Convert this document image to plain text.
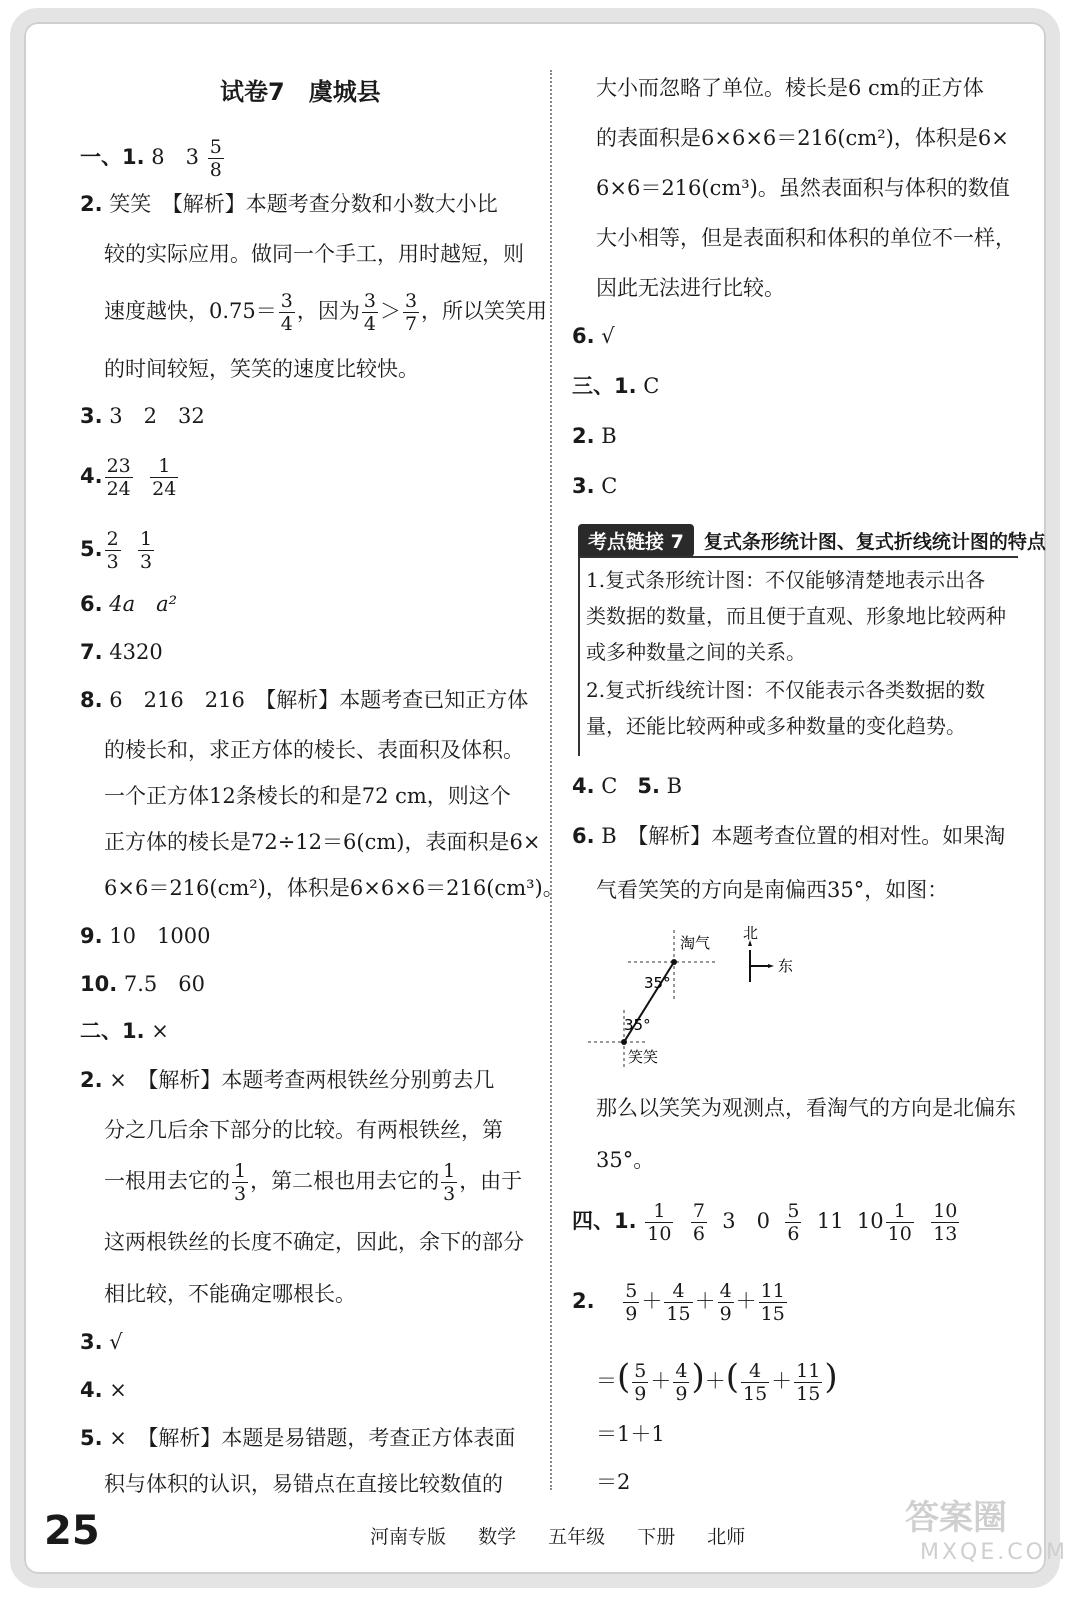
试卷7　虞城县
一、1. 8　$3 \frac{5}{8}$
2. 笑笑　【解析】本题考查分数和小数大小比
较的实际应用。做同一个手工，用时越短，则
速度越快，$0.75= \frac{3}{4}$ ，因为 $\frac{3}{4} > \frac{3}{7}$ ，所以笑笑用
的时间较短，笑笑的速度比较快。
3. 3　2　32
4. $\frac{23}{24}$
$\frac{1}{24}$
5. $\frac{2}{3}$
$\frac{1}{3}$
6. 4a　a²
7. 4320
8. 6　216　216　【解析】本题考查已知正方体
的棱长和，求正方体的棱长、表面积及体积。
一个正方体12条棱长的和是72 cm，则这个
正方体的棱长是72÷12＝6(cm)，表面积是6×
6×6＝216(cm²)，体积是6×6×6＝216(cm³)。
9. 10　1000
10. 7.5　60
二、1. ×
2. ×　【解析】本题考查两根铁丝分别剪去几
分之几后余下部分的比较。有两根铁丝，第
一根用去它的 $\frac{1}{3}$ ，第二根也用去它的 $\frac{1}{3}$ ，由于
这两根铁丝的长度不确定，因此，余下的部分
相比较，不能确定哪根长。
3. √
4. ×
5. ×　【解析】本题是易错题，考查正方体表面
积与体积的认识，易错点在直接比较数值的
大小而忽略了单位。棱长是6 cm的正方体
的表面积是6×6×6＝216(cm²)，体积是6×
6×6＝216(cm³)。虽然表面积与体积的数值
大小相等，但是表面积和体积的单位不一样，
因此无法进行比较。
6. √
三、1. C
2. B
3. C
考点链接 7	复式条形统计图、复式折线统计图的特点
1.复式条形统计图：不仅能够清楚地表示出各
类数据的数量，而且便于直观、形象地比较两种
或多种数量之间的关系。
2.复式折线统计图：不仅能表示各类数据的数
量，还能比较两种或多种数量的变化趋势。
4. C 5. B
6. B　【解析】本题考查位置的相对性。如果淘
气看笑笑的方向是南偏西35°，如图：
淘气
笑笑
35°
35°
北
东
那么以笑笑为观测点，看淘气的方向是北偏东
35°。
四、1. $\frac{1}{10}$
$\frac{7}{6} 3$　$0 \frac{5}{6} 11$ $10 \frac{1}{10}$
$\frac{10}{13}$
2. $\frac{5}{9} + \frac{4}{15} + \frac{4}{9} + \frac{11}{15}$
＝( $\frac{5}{9} + \frac{4}{9}$ )＋( $\frac{4}{15} + \frac{11}{15}$ )
＝1＋1
＝2
25	河南专版 数学 五年级 下册 北师	答案圈
MXQE.COM
